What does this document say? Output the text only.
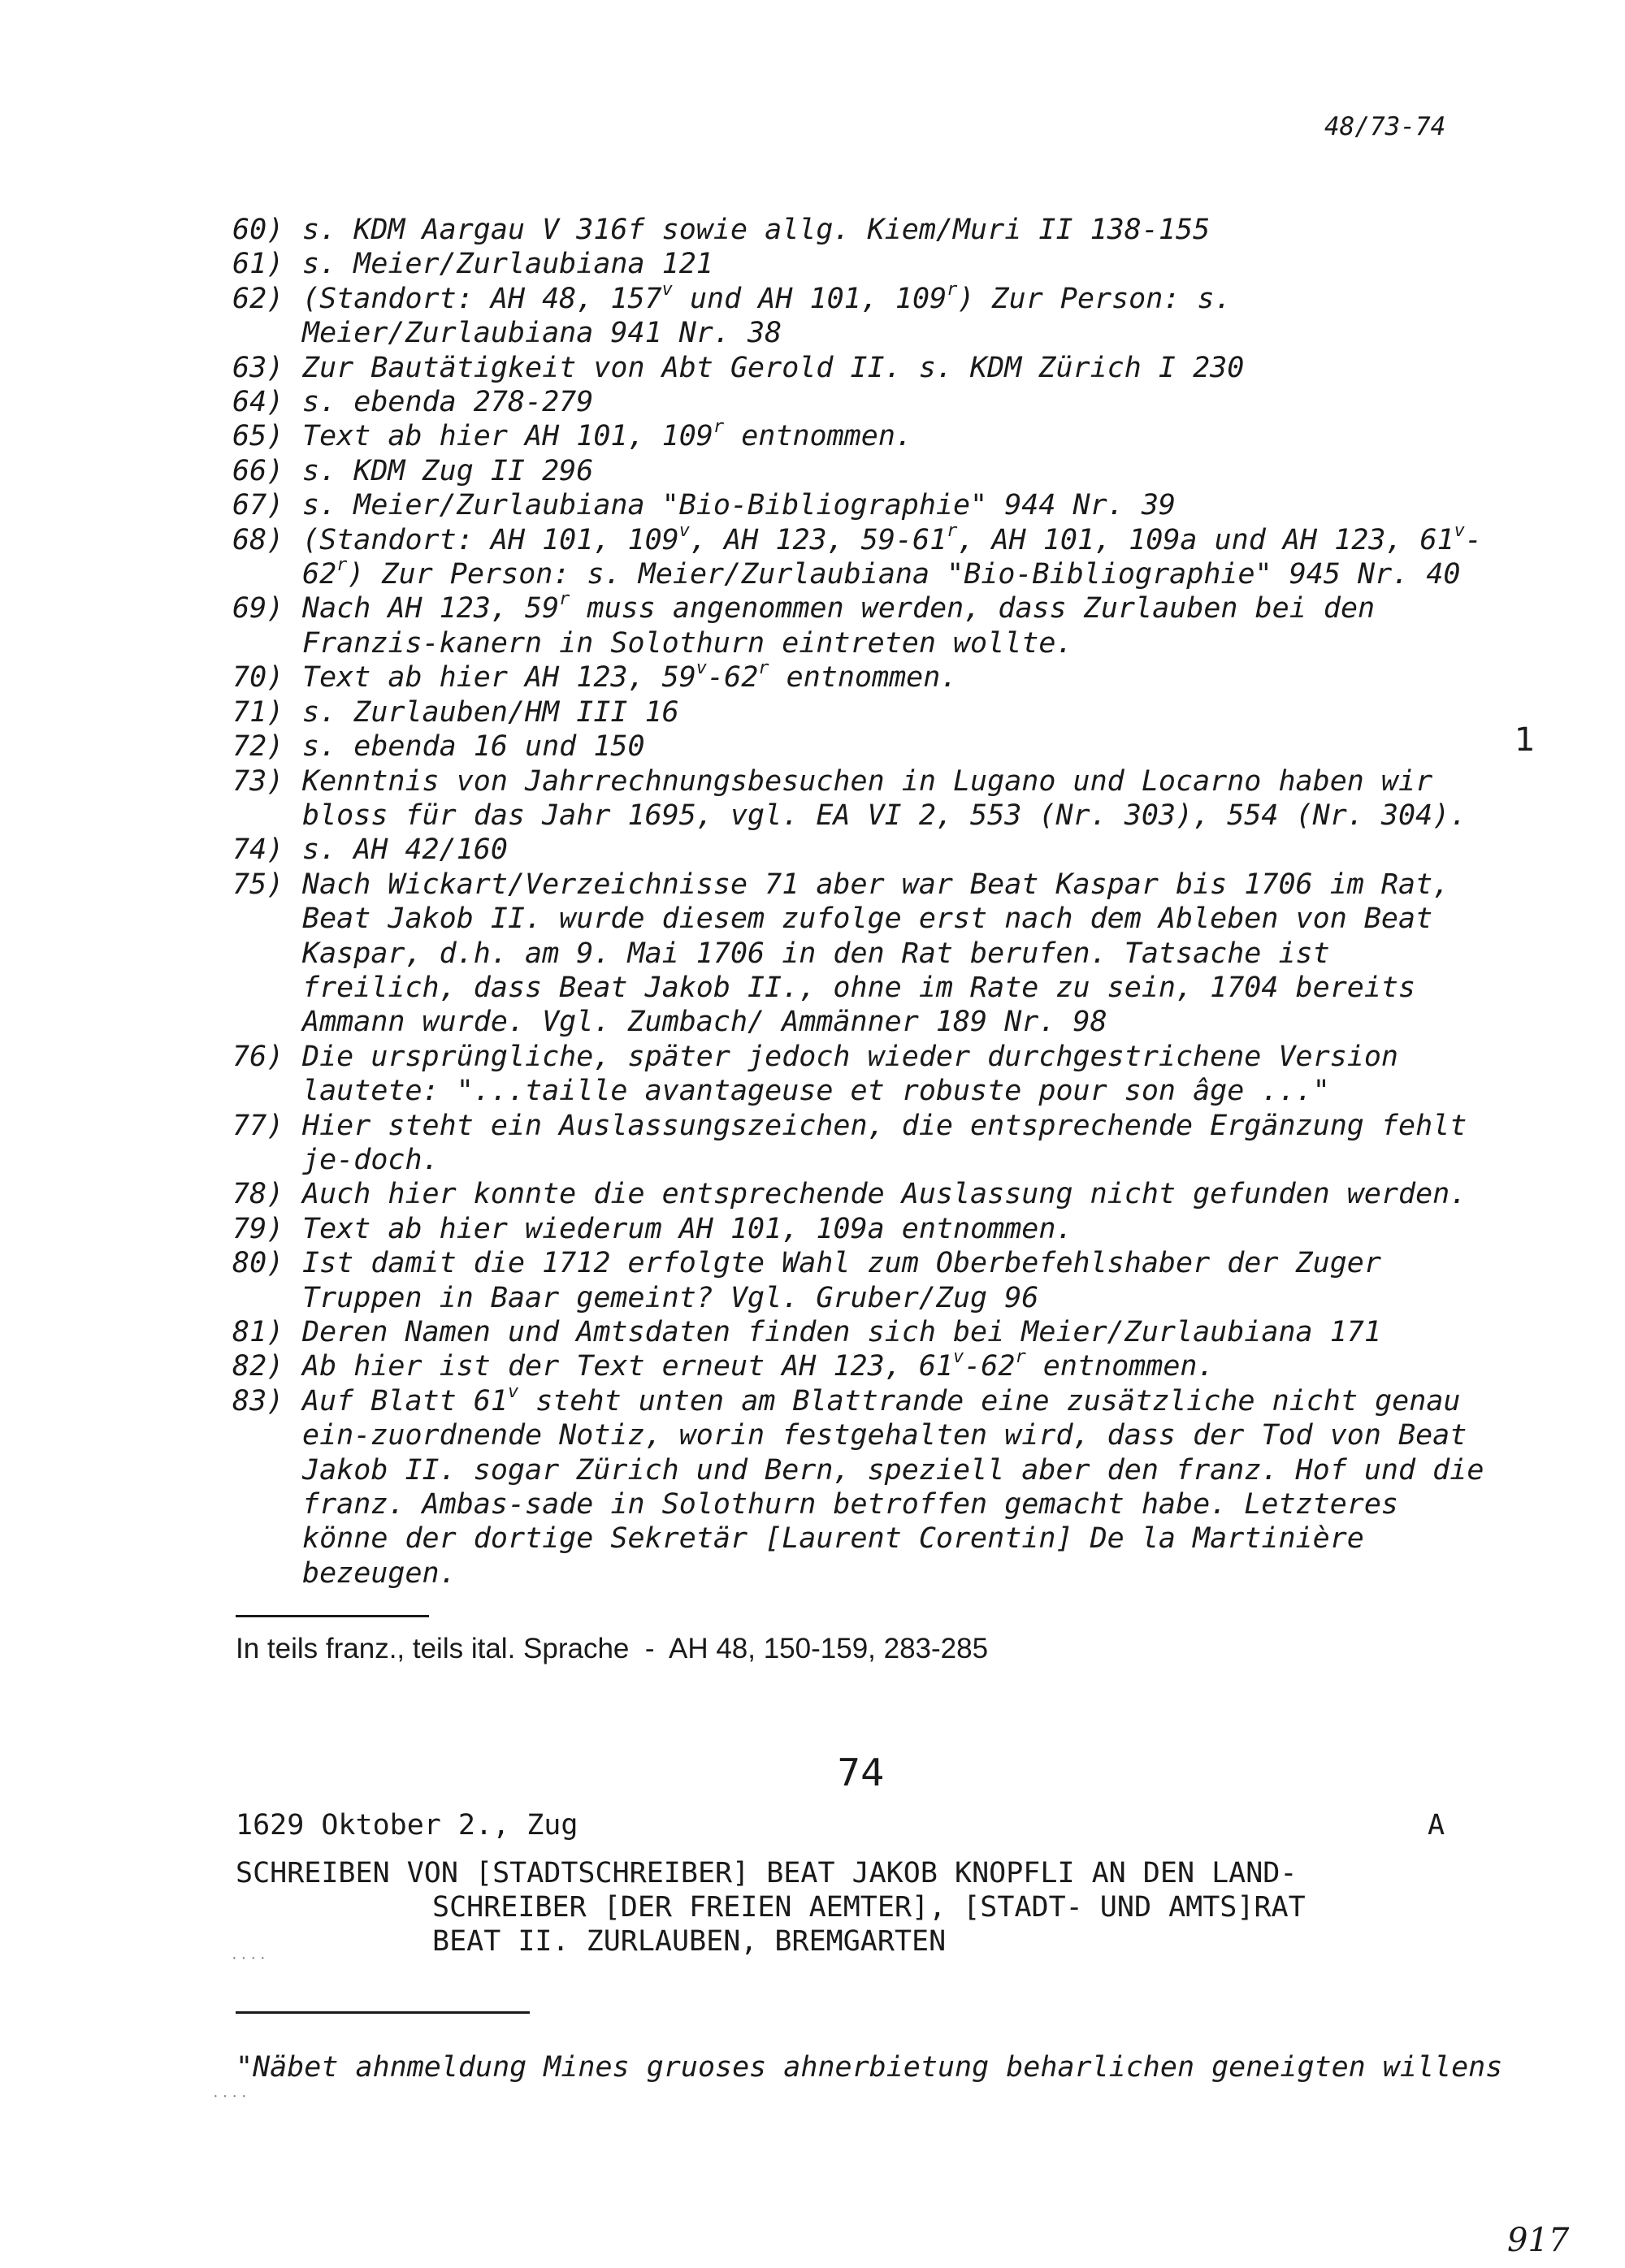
48/73-74
60) s. KDM Aargau V 316f sowie allg. Kiem/Muri II 138-155
61) s. Meier/Zurlaubiana 121
62) (Standort: AH 48, 157$^v$ und AH 101, 109$^r$) Zur Person: s. Meier/Zurlaubiana 941 Nr. 38
63) Zur Bautätigkeit von Abt Gerold II. s. KDM Zürich I 230
64) s. ebenda 278-279
65) Text ab hier AH 101, 109$^r$ entnommen.
66) s. KDM Zug II 296
67) s. Meier/Zurlaubiana "Bio-Bibliographie" 944 Nr. 39
68) (Standort: AH 101, 109$^v$, AH 123, 59-61$^r$, AH 101, 109a und AH 123, 61$^v$-62$^r$) Zur Person: s. Meier/Zurlaubiana "Bio-Bibliographie" 945 Nr. 40
69) Nach AH 123, 59$^r$ muss angenommen werden, dass Zurlauben bei den Franzis-kanern in Solothurn eintreten wollte.
70) Text ab hier AH 123, 59$^v$-62$^r$ entnommen.
71) s. Zurlauben/HM III 16
72) s. ebenda 16 und 150
73) Kenntnis von Jahrrechnungsbesuchen in Lugano und Locarno haben wir bloss für das Jahr 1695, vgl. EA VI 2, 553 (Nr. 303), 554 (Nr. 304).
74) s. AH 42/160
75) Nach Wickart/Verzeichnisse 71 aber war Beat Kaspar bis 1706 im Rat, Beat Jakob II. wurde diesem zufolge erst nach dem Ableben von Beat Kaspar, d.h. am 9. Mai 1706 in den Rat berufen. Tatsache ist freilich, dass Beat Jakob II., ohne im Rate zu sein, 1704 bereits Ammann wurde. Vgl. Zumbach/ Ammänner 189 Nr. 98
76) Die ursprüngliche, später jedoch wieder durchgestrichene Version lautete: "...taille avantageuse et robuste pour son âge ..."
77) Hier steht ein Auslassungszeichen, die entsprechende Ergänzung fehlt je-doch.
78) Auch hier konnte die entsprechende Auslassung nicht gefunden werden.
79) Text ab hier wiederum AH 101, 109a entnommen.
80) Ist damit die 1712 erfolgte Wahl zum Oberbefehlshaber der Zuger Truppen in Baar gemeint? Vgl. Gruber/Zug 96
81) Deren Namen und Amtsdaten finden sich bei Meier/Zurlaubiana 171
82) Ab hier ist der Text erneut AH 123, 61$^v$-62$^r$ entnommen.
83) Auf Blatt 61$^v$ steht unten am Blattrande eine zusätzliche nicht genau ein-zuordnende Notiz, worin festgehalten wird, dass der Tod von Beat Jakob II. sogar Zürich und Bern, speziell aber den franz. Hof und die franz. Ambas-sade in Solothurn betroffen gemacht habe. Letzteres könne der dortige Sekretär [Laurent Corentin] De la Martinière bezeugen.
1
In teils franz., teils ital. Sprache  -  AH 48, 150-159, 283-285
74
1629 Oktober 2., Zug	A
SCHREIBEN VON [STADTSCHREIBER] BEAT JAKOB KNOPFLI AN DEN LAND-
SCHREIBER [DER FREIEN AEMTER], [STADT- UND AMTS]RAT
BEAT II. ZURLAUBEN, BREMGARTEN
"Näbet ahnmeldung Mines gruoses ahnerbietung beharlichen geneigten willens
917
· · · ·
· · · ·
